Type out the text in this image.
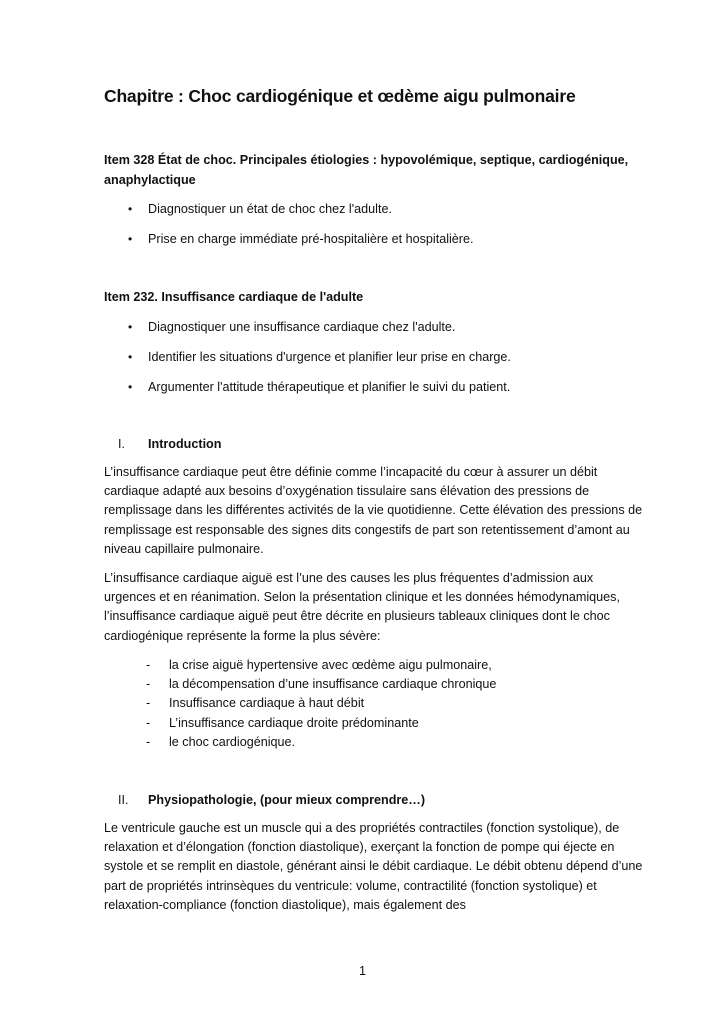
Chapitre : Choc cardiogénique et œdème aigu pulmonaire

Item 328 État de choc. Principales étiologies : hypovolémique, septique, cardiogénique, anaphylactique

• Diagnostiquer un état de choc chez l'adulte.
• Prise en charge immédiate pré-hospitalière et hospitalière.

Item 232. Insuffisance cardiaque de l'adulte

• Diagnostiquer une insuffisance cardiaque chez l'adulte.
• Identifier les situations d'urgence et planifier leur prise en charge.
• Argumenter l'attitude thérapeutique et planifier le suivi du patient.

I. Introduction

L’insuffisance cardiaque peut être définie comme l’incapacité du cœur à assurer un débit cardiaque adapté aux besoins d’oxygénation tissulaire sans élévation des pressions de remplissage dans les différentes activités de la vie quotidienne. Cette élévation des pressions de remplissage est responsable des signes dits congestifs de part son retentissement d’amont au niveau capillaire pulmonaire.

L’insuffisance cardiaque aiguë est l’une des causes les plus fréquentes d’admission aux urgences et en réanimation. Selon la présentation clinique et les données hémodynamiques, l’insuffisance cardiaque aiguë peut être décrite en plusieurs tableaux cliniques dont le choc cardiogénique représente la forme la plus sévère:

- la crise aiguë hypertensive avec œdème aigu pulmonaire,
- la décompensation d’une insuffisance cardiaque chronique
- Insuffisance cardiaque à haut débit
- L’insuffisance cardiaque droite prédominante
- le choc cardiogénique.

II. Physiopathologie, (pour mieux comprendre…)

Le ventricule gauche est un muscle qui a des propriétés contractiles (fonction systolique), de relaxation et d’élongation (fonction diastolique), exerçant la fonction de pompe qui éjecte en systole et se remplit en diastole, générant ainsi le débit cardiaque. Le débit obtenu dépend d’une part de propriétés intrinsèques du ventricule: volume, contractilité (fonction systolique) et relaxation-compliance (fonction diastolique), mais également des

1
